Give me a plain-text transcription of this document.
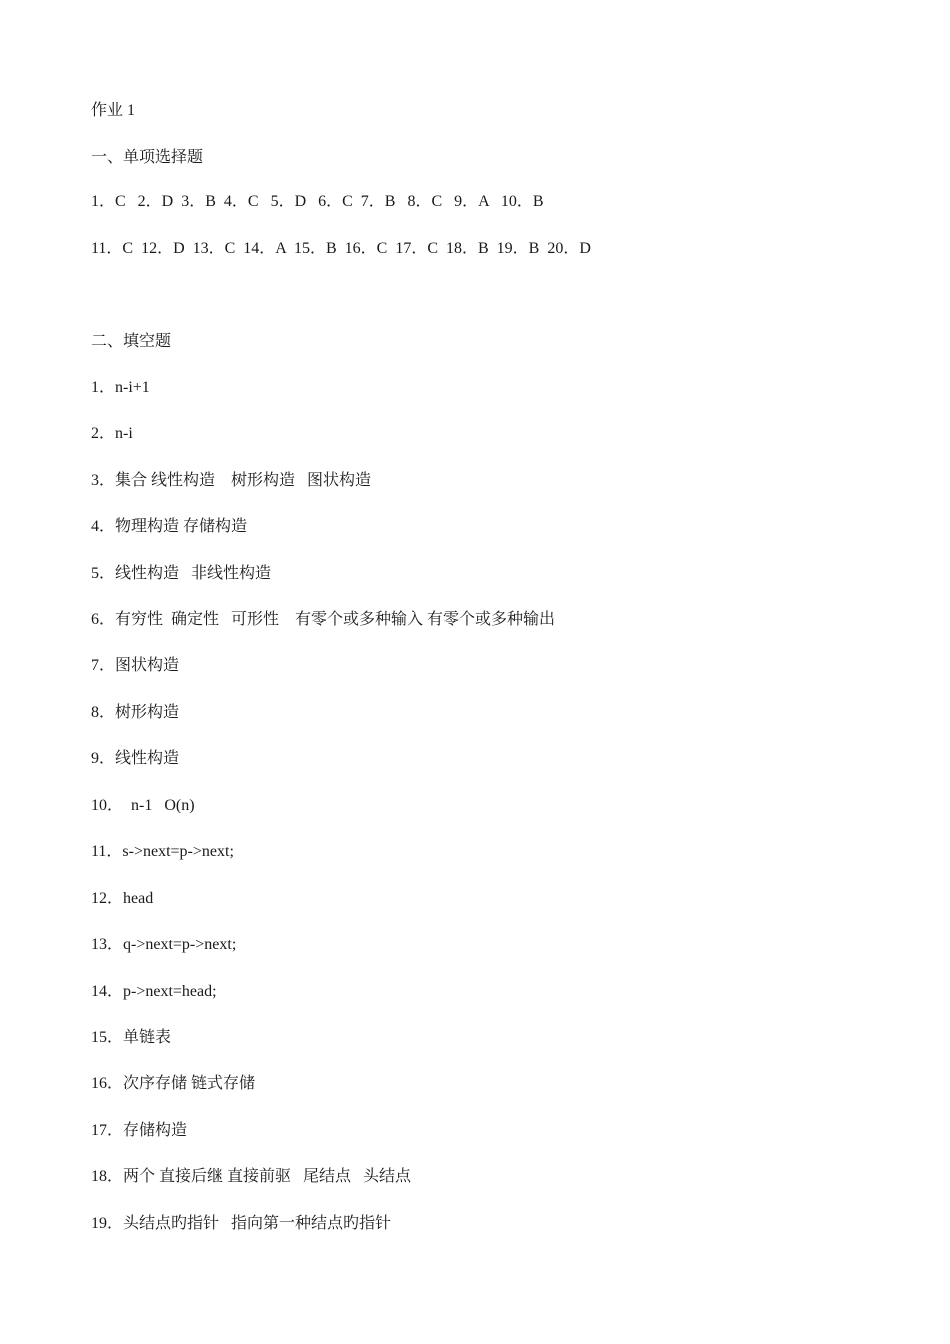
作业 1
一、单项选择题
1．C   2．D  3．B  4．C   5．D   6．C  7．B   8．C   9．A   10．B
11．C  12．D  13．C  14．A  15．B  16．C  17．C  18．B  19．B  20．D
二、填空题
1．n-i+1
2．n-i
3．集合 线性构造    树形构造   图状构造
4．物理构造 存储构造
5．线性构造   非线性构造
6．有穷性  确定性   可形性    有零个或多种输入 有零个或多种输出
7．图状构造
8．树形构造
9．线性构造
10．  n-1   O(n)
11．s->next=p->next;
12．head
13．q->next=p->next;
14．p->next=head;
15．单链表
16．次序存储 链式存储
17．存储构造
18．两个 直接后继 直接前驱   尾结点   头结点
19．头结点旳指针   指向第一种结点旳指针
